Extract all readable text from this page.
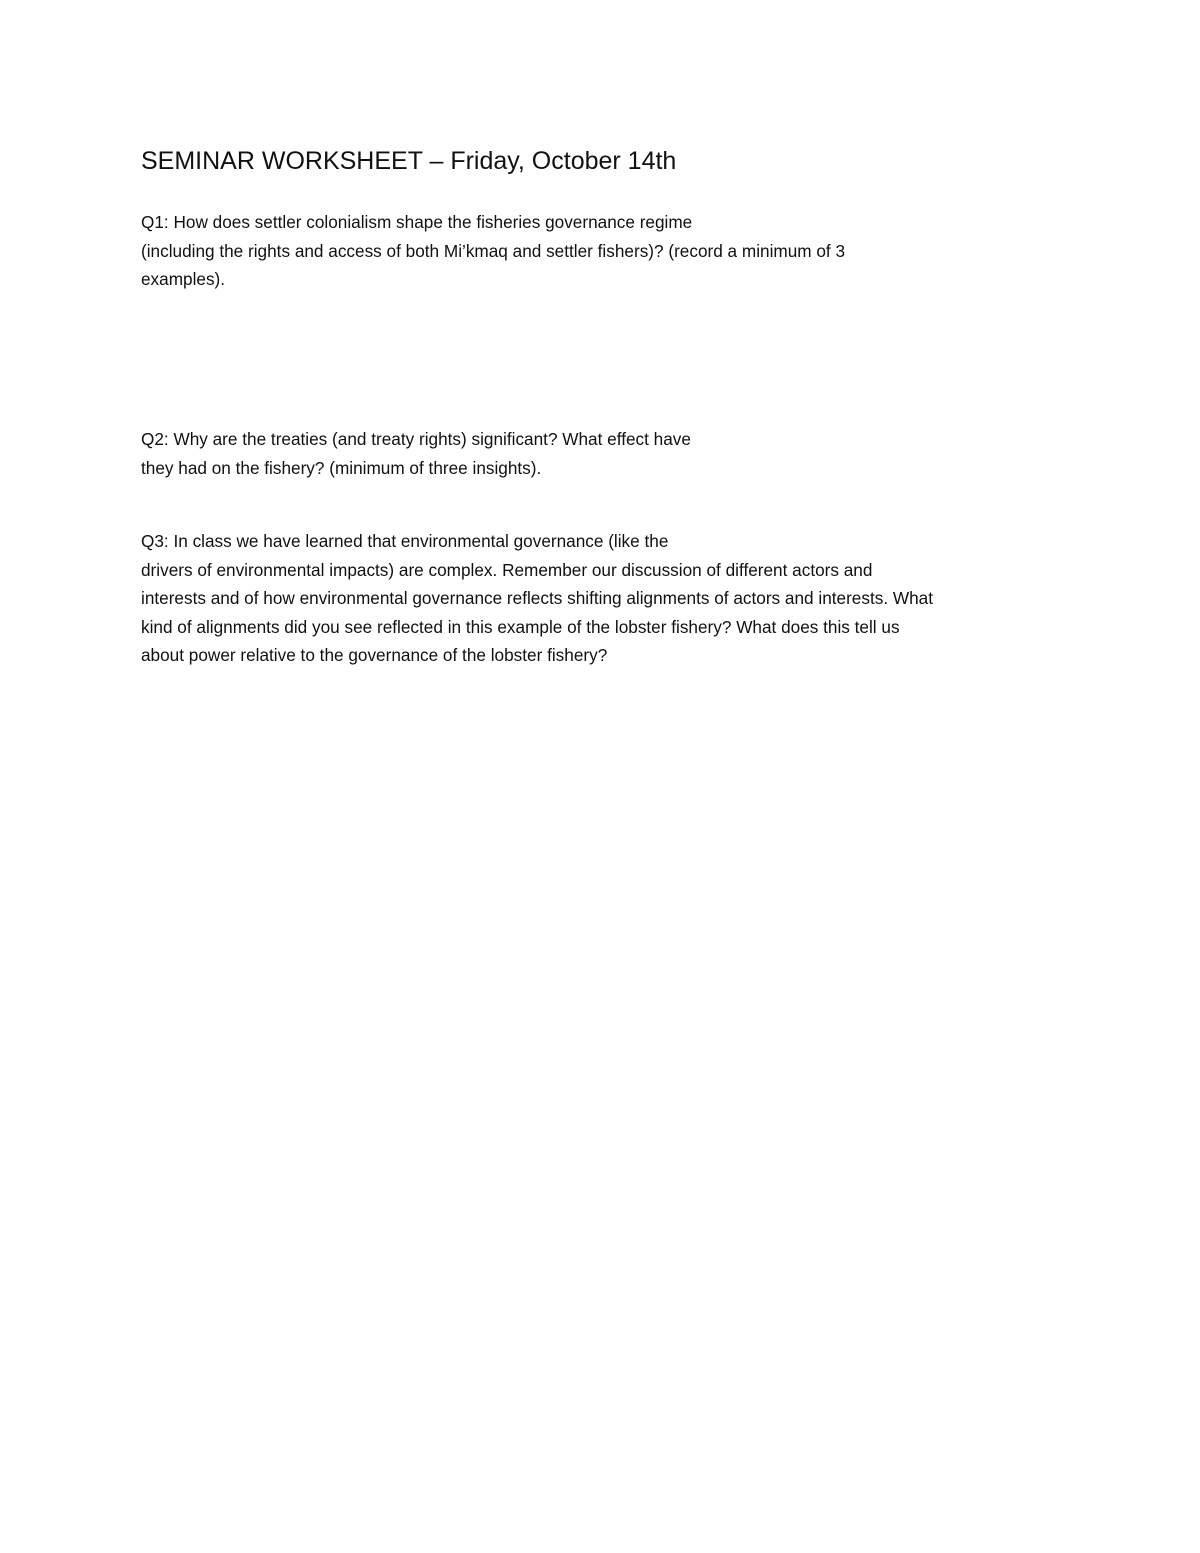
SEMINAR WORKSHEET – Friday, October 14th
Q1: How does settler colonialism shape the fisheries governance regime
(including the rights and access of both Mi’kmaq and settler fishers)? (record a minimum of 3
examples).
Q2: Why are the treaties (and treaty rights) significant? What effect have
they had on the fishery? (minimum of three insights).
Q3: In class we have learned that environmental governance (like the
drivers of environmental impacts) are complex. Remember our discussion of different actors and
interests and of how environmental governance reflects shifting alignments of actors and interests. What
kind of alignments did you see reflected in this example of the lobster fishery? What does this tell us
about power relative to the governance of the lobster fishery?
